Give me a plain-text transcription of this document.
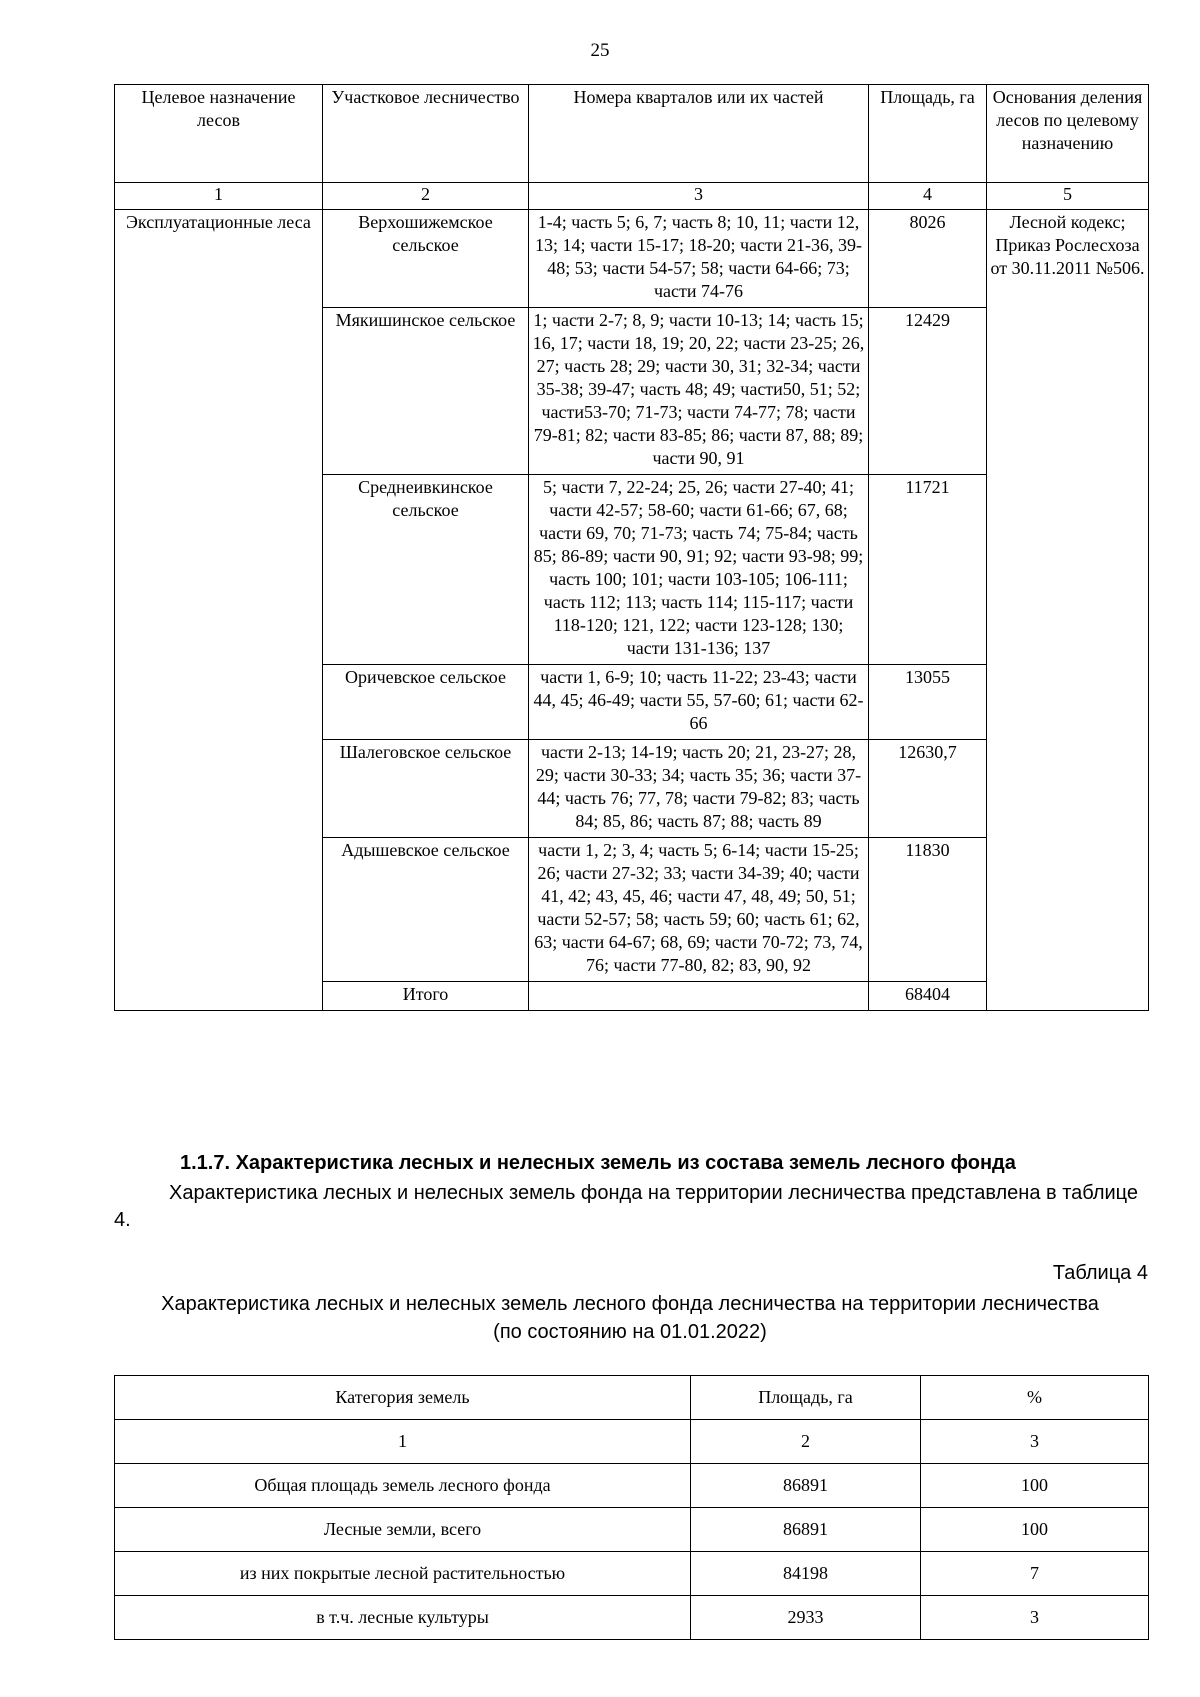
25
Целевое назначение лесов	Участковое лесничество	Номера кварталов или их частей	Площадь, га	Основания деления лесов по целевому назначению
1	2	3	4	5
Эксплуатационные леса	Верхошижемское сельское	1-4; часть 5; 6, 7; часть 8; 10, 11; части 12, 13; 14; части 15-17; 18-20; части 21-36, 39-48; 53; части 54-57; 58; части 64-66; 73; части 74-76	8026	Лесной кодекс; Приказ Рослесхоза от 30.11.2011 №506.
	Мякишинское сельское	1; части 2-7; 8, 9; части 10-13; 14; часть 15; 16, 17; части 18, 19; 20, 22; части 23-25; 26, 27; часть 28; 29; части 30, 31; 32-34; части 35-38; 39-47; часть 48; 49; части50, 51; 52; части53-70; 71-73; части 74-77; 78; части 79-81; 82; части 83-85; 86; части 87, 88; 89; части 90, 91	12429	
	Среднеивкинское сельское	5; части 7, 22-24; 25, 26; части 27-40; 41; части 42-57; 58-60; части 61-66; 67, 68; части 69, 70; 71-73; часть 74; 75-84; часть 85; 86-89; части 90, 91; 92; части 93-98; 99; часть 100; 101; части 103-105; 106-111; часть 112; 113; часть 114; 115-117; части 118-120; 121, 122; части 123-128; 130; части 131-136; 137	11721	
	Оричевское сельское	части 1, 6-9; 10; часть 11-22; 23-43; части 44, 45; 46-49; части 55, 57-60; 61; части 62-66	13055	
	Шалеговское сельское	части 2-13; 14-19; часть 20; 21, 23-27; 28, 29; части 30-33; 34; часть 35; 36; части 37-44; часть 76; 77, 78; части 79-82; 83; часть 84; 85, 86; часть 87; 88; часть 89	12630,7	
	Адышевское сельское	части 1, 2; 3, 4; часть 5; 6-14; части 15-25; 26; части 27-32; 33; части 34-39; 40; части 41, 42; 43, 45, 46; части 47, 48, 49; 50, 51; части 52-57; 58; часть 59; 60; часть 61; 62, 63; части 64-67; 68, 69; части 70-72; 73, 74, 76; части 77-80, 82; 83, 90, 92	11830	
	Итого		68404	
1.1.7. Характеристика лесных и нелесных земель из состава земель лесного фонда
Характеристика лесных и нелесных земель фонда на территории лесничества представлена в таблице 4.
Таблица 4
Характеристика лесных и нелесных земель лесного фонда лесничества на территории лесничества
(по состоянию на 01.01.2022)
Категория земель	Площадь, га	%
1	2	3
Общая площадь земель лесного фонда	86891	100
Лесные земли, всего	86891	100
из них покрытые лесной растительностью	84198	7
в т.ч. лесные культуры	2933	3
